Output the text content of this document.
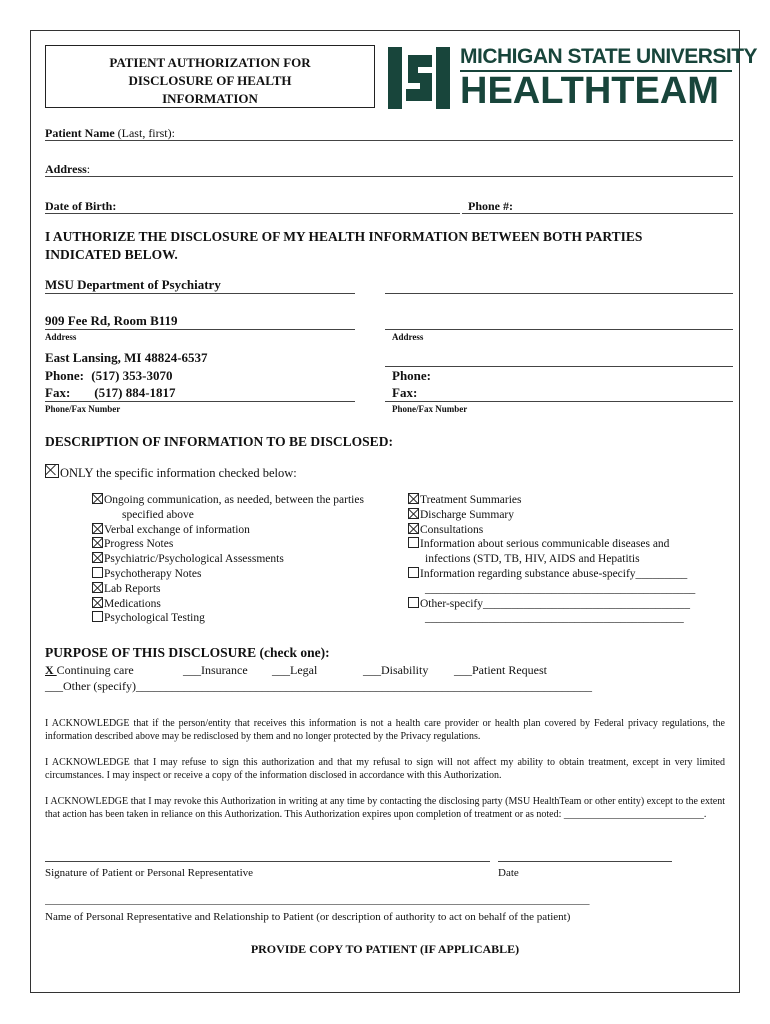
PATIENT AUTHORIZATION FOR
DISCLOSURE OF HEALTH
INFORMATION
MICHIGAN STATE UNIVERSITY
HEALTHTEAM
Patient Name (Last, first):
Address:
Date of Birth:	Phone #:
I AUTHORIZE THE DISCLOSURE OF MY HEALTH INFORMATION BETWEEN BOTH PARTIES
INDICATED BELOW.
MSU Department of Psychiatry
909 Fee Rd, Room B119
Address
East Lansing, MI 48824-6537
Phone: (517) 353-3070
Fax: (517) 884-1817
Phone/Fax Number
Address
Phone:
Fax:
Phone/Fax Number
DESCRIPTION OF INFORMATION TO BE DISCLOSED:
ONLY the specific information checked below:
Ongoing communication, as needed, between the parties
specified above
Verbal exchange of information
Progress Notes
Psychiatric/Psychological Assessments
Psychotherapy Notes
Lab Reports
Medications
Psychological Testing
Treatment Summaries
Discharge Summary
Consultations
Information about serious communicable diseases and
infections (STD, TB, HIV, AIDS and Hepatitis
Information regarding substance abuse-specify_________
_______________________________________________
Other-specify____________________________________
_____________________________________________
PURPOSE OF THIS DISCLOSURE (check one):
X Continuing care	___Insurance ___Legal	___Disability ___Patient Request
___Other (specify)____________________________________________________________________________
I ACKNOWLEDGE that if the person/entity that receives this information is not a health care provider or health plan covered by Federal privacy regulations, the information described above may be redisclosed by them and no longer protected by the Privacy regulations.
I ACKNOWLEDGE that I may refuse to sign this authorization and that my refusal to sign will not affect my ability to obtain treatment, except in very limited circumstances. I may inspect or receive a copy of the information disclosed in accordance with this Authorization.
I ACKNOWLEDGE that I may revoke this Authorization in writing at any time by contacting the disclosing party (MSU HealthTeam or other entity) except to the extent that action has been taken in reliance on this Authorization. This Authorization expires upon completion of treatment or as noted: ____________________________.
Signature of Patient or Personal Representative	Date
___________________________________________________________________________________________________
Name of Personal Representative and Relationship to Patient (or description of authority to act on behalf of the patient)
PROVIDE COPY TO PATIENT (IF APPLICABLE)
